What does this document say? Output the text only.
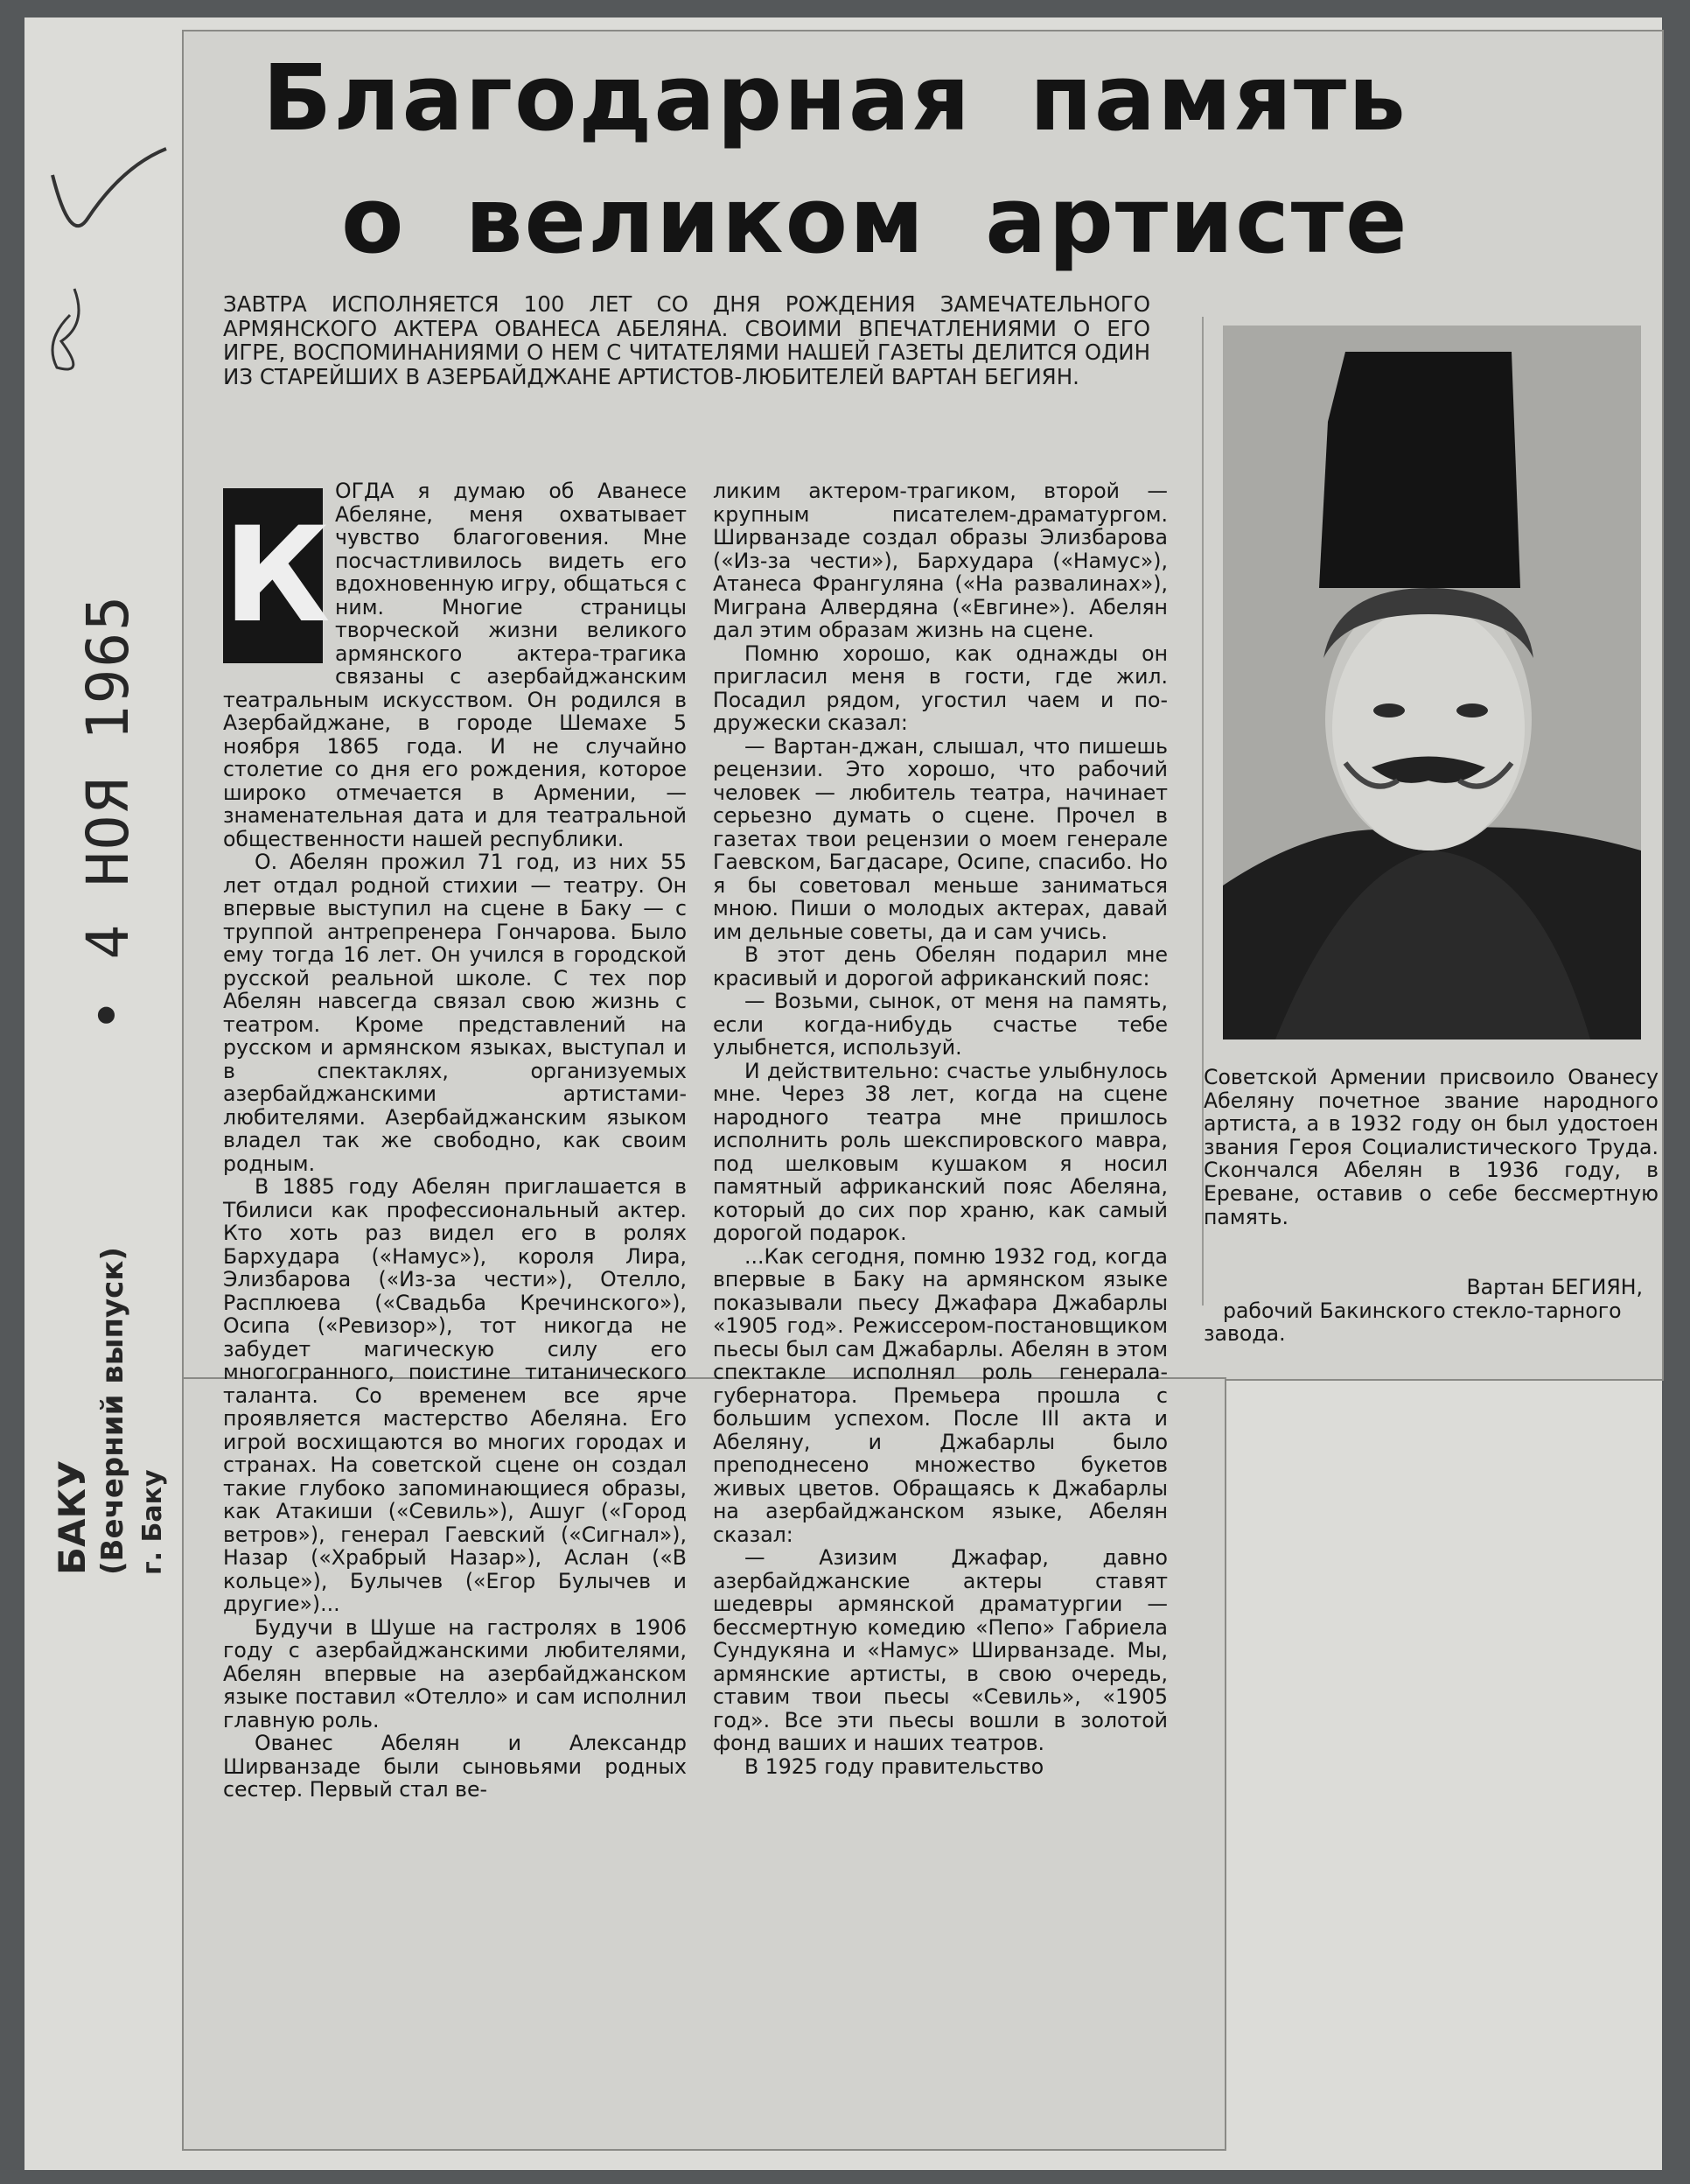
Благодарная память
о великом артисте

ЗАВТРА ИСПОЛНЯЕТСЯ 100 ЛЕТ СО ДНЯ РОЖДЕНИЯ ЗАМЕЧАТЕЛЬНОГО АРМЯНСКОГО АКТЕРА ОВАНЕСА АБЕЛЯНА. СВОИМИ ВПЕЧАТЛЕНИЯМИ О ЕГО ИГРЕ, ВОСПОМИНАНИЯМИ О НЕМ С ЧИТАТЕЛЯМИ НАШЕЙ ГАЗЕТЫ ДЕЛИТСЯ ОДИН ИЗ СТАРЕЙШИХ В АЗЕРБАЙДЖАНЕ АРТИСТОВ-ЛЮБИТЕЛЕЙ ВАРТАН БЕГИЯН.

К

ОГДА я думаю об Аванесе Абеляне, меня охватывает чувство благоговения. Мне посчастливилось видеть его вдохновенную игру, общаться с ним. Многие страницы творческой жизни великого армянского актера-трагика связаны с азербайджанским театральным искусством. Он родился в Азербайджане, в городе Шемахе 5 ноября 1865 года. И не случайно столетие со дня его рождения, которое широко отмечается в Армении, — знаменательная дата и для театральной общественности нашей республики.

О. Абелян прожил 71 год, из них 55 лет отдал родной стихии — театру. Он впервые выступил на сцене в Баку — с труппой антрепренера Гончарова. Было ему тогда 16 лет. Он учился в городской русской реальной школе. С тех пор Абелян навсегда связал свою жизнь с театром. Кроме представлений на русском и армянском языках, выступал и в спектаклях, организуемых азербайджанскими артистами-любителями. Азербайджанским языком владел так же свободно, как своим родным.

В 1885 году Абелян приглашается в Тбилиси как профессиональный актер. Кто хоть раз видел его в ролях Бархудара («Намус»), короля Лира, Элизбарова («Из-за чести»), Отелло, Расплюева («Свадьба Кречинского»), Осипа («Ревизор»), тот никогда не забудет магическую силу его многогранного, поистине титанического таланта. Со временем все ярче проявляется мастерство Абеляна. Его игрой восхищаются во многих городах и странах. На советской сцене он создал такие глубоко запоминающиеся образы, как Атакиши («Севиль»), Ашуг («Город ветров»), генерал Гаевский («Сигнал»), Назар («Храбрый Назар»), Аслан («В кольце»), Булычев («Егор Булычев и другие»)...

Будучи в Шуше на гастролях в 1906 году с азербайджанскими любителями, Абелян впервые на азербайджанском языке поставил «Отелло» и сам исполнил главную роль.

Ованес Абелян и Александр Ширванзаде были сыновьями родных сестер. Первый стал ве-

ликим актером-трагиком, второй — крупным писателем-драматургом. Ширванзаде создал образы Элизбарова («Из-за чести»), Бархудара («Намус»), Атанеса Франгуляна («На развалинах»), Миграна Алвердяна («Евгине»). Абелян дал этим образам жизнь на сцене.

Помню хорошо, как однажды он пригласил меня в гости, где жил. Посадил рядом, угостил чаем и по-дружески сказал:

— Вартан-джан, слышал, что пишешь рецензии. Это хорошо, что рабочий человек — любитель театра, начинает серьезно думать о сцене. Прочел в газетах твои рецензии о моем генерале Гаевском, Багдасаре, Осипе, спасибо. Но я бы советовал меньше заниматься мною. Пиши о молодых актерах, давай им дельные советы, да и сам учись.

В этот день Обелян подарил мне красивый и дорогой африканский пояс:

— Возьми, сынок, от меня на память, если когда-нибудь счастье тебе улыбнется, используй.

И действительно: счастье улыбнулось мне. Через 38 лет, когда на сцене народного театра мне пришлось исполнить роль шекспировского мавра, под шелковым кушаком я носил памятный африканский пояс Абеляна, который до сих пор храню, как самый дорогой подарок.

...Как сегодня, помню 1932 год, когда впервые в Баку на армянском языке показывали пьесу Джафара Джабарлы «1905 год». Режиссером-постановщиком пьесы был сам Джабарлы. Абелян в этом спектакле исполнял роль генерала-губернатора. Премьера прошла с большим успехом. После III акта и Абеляну, и Джабарлы было преподнесено множество букетов живых цветов. Обращаясь к Джабарлы на азербайджанском языке, Абелян сказал:

— Азизим Джафар, давно азербайджанские актеры ставят шедевры армянской драматургии — бессмертную комедию «Пепо» Габриела Сундукяна и «Намус» Ширванзаде. Мы, армянские артисты, в свою очередь, ставим твои пьесы «Севиль», «1905 год». Все эти пьесы вошли в золотой фонд ваших и наших театров.

В 1925 году правительство

Советской Армении присвоило Ованесу Абеляну почетное звание народного артиста, а в 1932 году он был удостоен звания Героя Социалистического Труда. Скончался Абелян в 1936 году, в Ереване, оставив о себе бессмертную память.

Вартан БЕГИЯН,
рабочий Бакинского стекло-тарного завода.
• 4 НОЯ 1965
БАКУ (Вечерний выпуск) г. Баку
